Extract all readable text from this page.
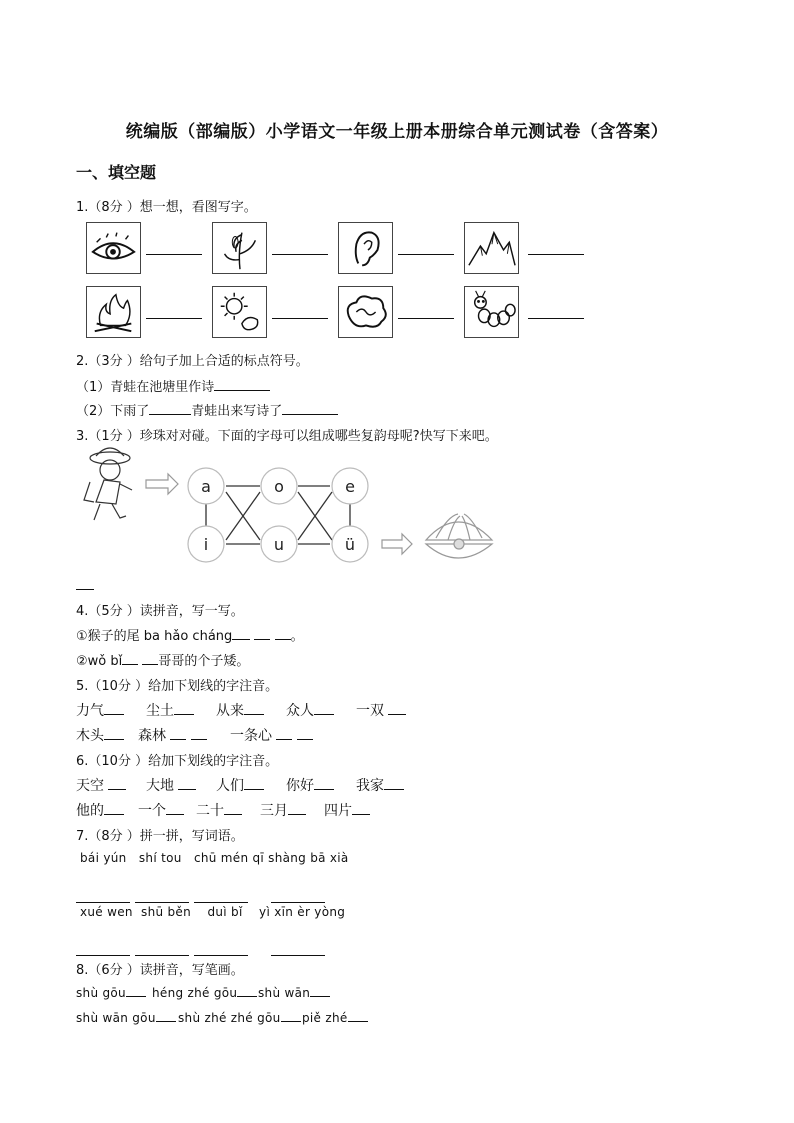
统编版（部编版）小学语文一年级上册本册综合单元测试卷（含答案）
一、填空题
1.（8分 ）想一想，看图写字。
2.（3分 ）给句子加上合适的标点符号。
（1）青蛙在池塘里作诗
（2）下雨了	青蛙出来写诗了
3.（1分 ）珍珠对对碰。下面的字母可以组成哪些复韵母呢?快写下来吧。
a	o	e
i	u	ü
4.（5分 ）读拼音，写一写。
①猴子的尾 ba hǎo cháng	。
②wǒ bǐ	哥哥的个子矮。
5.（10分 ）给加下划线的字注音。
力气	尘土	从来	众人	一双
木头 森林	一条心
6.（10分 ）给加下划线的字注音。
天空	大地	人们	你好	我家
他的 一个 二十	三月	四片
7.（8分 ）拼一拼，写词语。
bái yún   shí tou   chū mén qī shàng bā xià

xué wen  shū běn    duì bǐ    yì xīn èr yòng

8.（6分 ）读拼音，写笔画。
shù gōu héng zhé gōu shù wān
shù wān gōu shù zhé zhé gōu piě zhé
